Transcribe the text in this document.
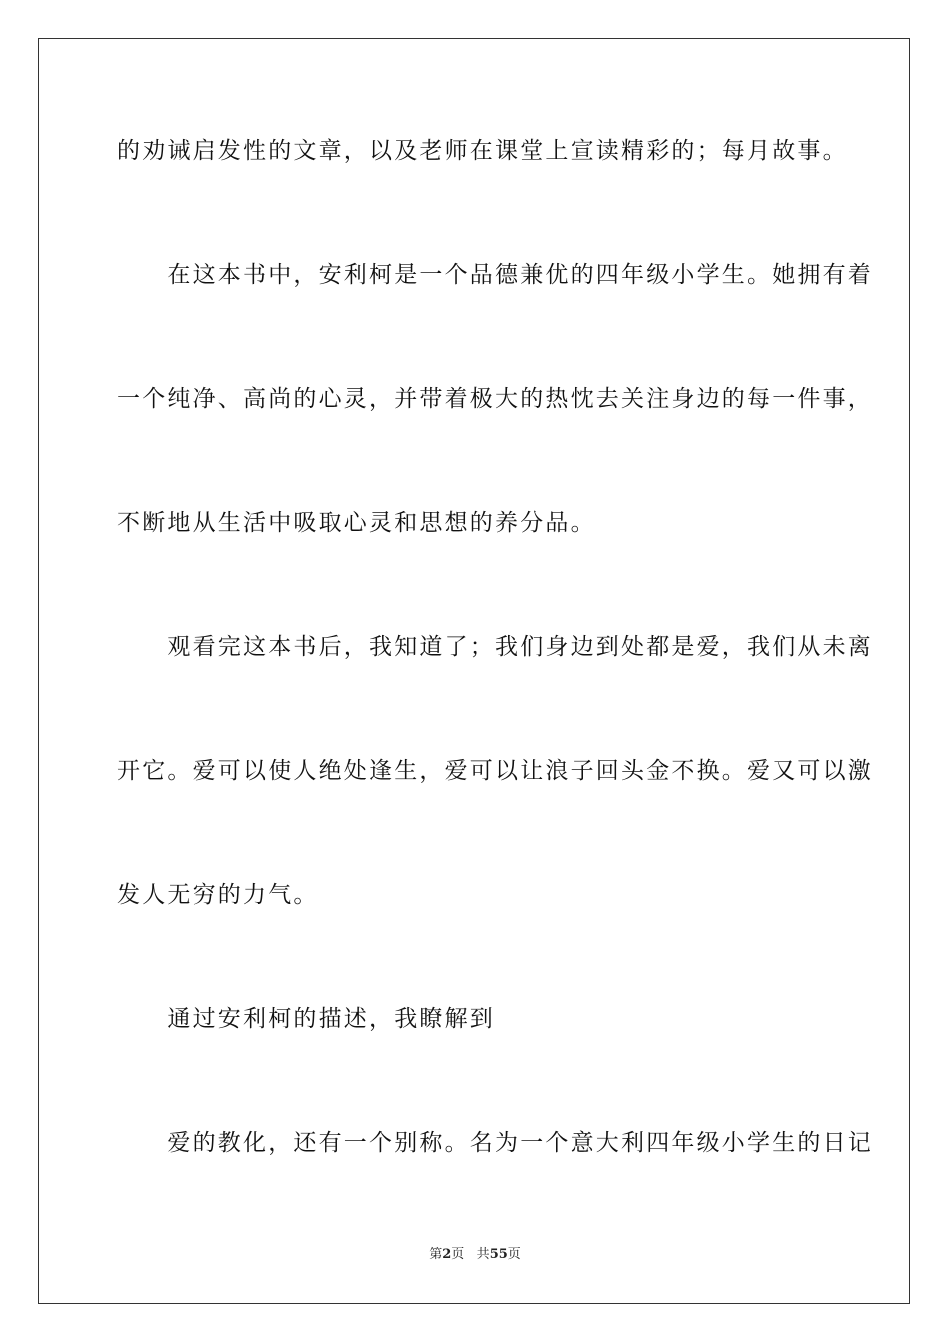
的劝诫启发性的文章，以及老师在课堂上宣读精彩的；每月故事。
　　在这本书中，安利柯是一个品德兼优的四年级小学生。她拥有着
一个纯净、高尚的心灵，并带着极大的热忱去关注身边的每一件事，
不断地从生活中吸取心灵和思想的养分品。
　　观看完这本书后，我知道了；我们身边到处都是爱，我们从未离
开它。爱可以使人绝处逢生，爱可以让浪子回头金不换。爱又可以激
发人无穷的力气。
　　通过安利柯的描述，我瞭解到
　　爱的教化，还有一个别称。名为一个意大利四年级小学生的日记
第2页 共55页
